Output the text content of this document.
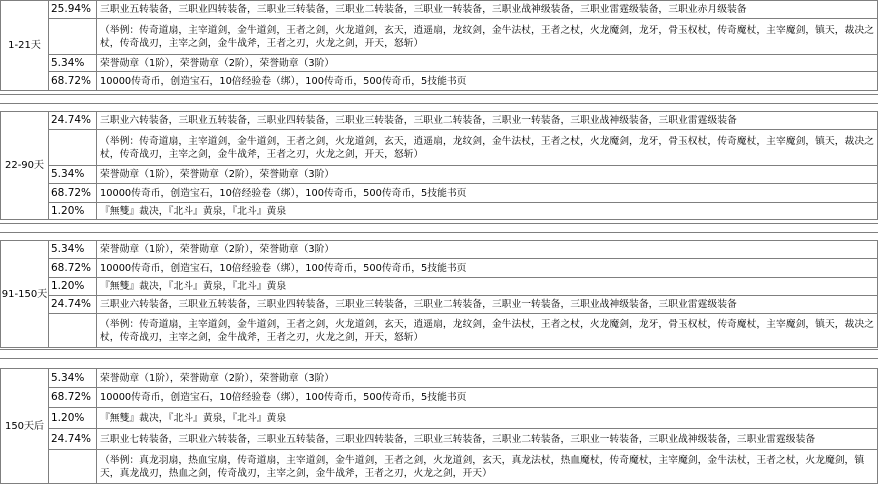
1-21天	25.94%	三职业五转装备，三职业四转装备，三职业三转装备，三职业二转装备，三职业一转装备，三职业战神级装备，三职业雷霆级装备，三职业赤月级装备
		（举例：传奇道扇，主宰道剑，金牛道剑，王者之剑，火龙道剑，玄天，逍遥扇，龙纹剑，金牛法杖，王者之杖，火龙魔剑，龙牙，骨玉权杖，传奇魔杖，主宰魔剑，镇天，裁决之杖，传奇战刃，主宰之剑，金牛战斧，王者之刃，火龙之剑，开天，怒斩）
	5.34%	荣誉勋章（1阶），荣誉勋章（2阶），荣誉勋章（3阶）
	68.72%	10000传奇币，创造宝石，10倍经验卷（绑），100传奇币，500传奇币，5技能书页
22-90天	24.74%	三职业六转装备，三职业五转装备，三职业四转装备，三职业三转装备，三职业二转装备，三职业一转装备，三职业战神级装备，三职业雷霆级装备
		（举例：传奇道扇，主宰道剑，金牛道剑，王者之剑，火龙道剑，玄天，逍遥扇，龙纹剑，金牛法杖，王者之杖，火龙魔剑，龙牙，骨玉权杖，传奇魔杖，主宰魔剑，镇天，裁决之杖，传奇战刃，主宰之剑，金牛战斧，王者之刃，火龙之剑，开天，怒斩）
	5.34%	荣誉勋章（1阶），荣誉勋章（2阶），荣誉勋章（3阶）
	68.72%	10000传奇币，创造宝石，10倍经验卷（绑），100传奇币，500传奇币，5技能书页
	1.20%	『無雙』裁决，『北斗』黄泉，『北斗』黄泉
91-150天	5.34%	荣誉勋章（1阶），荣誉勋章（2阶），荣誉勋章（3阶）
	68.72%	10000传奇币，创造宝石，10倍经验卷（绑），100传奇币，500传奇币，5技能书页
	1.20%	『無雙』裁决，『北斗』黄泉，『北斗』黄泉
	24.74%	三职业六转装备，三职业五转装备，三职业四转装备，三职业三转装备，三职业二转装备，三职业一转装备，三职业战神级装备，三职业雷霆级装备
		（举例：传奇道扇，主宰道剑，金牛道剑，王者之剑，火龙道剑，玄天，逍遥扇，龙纹剑，金牛法杖，王者之杖，火龙魔剑，龙牙，骨玉权杖，传奇魔杖，主宰魔剑，镇天，裁决之杖，传奇战刃，主宰之剑，金牛战斧，王者之刃，火龙之剑，开天，怒斩）
150天后	5.34%	荣誉勋章（1阶），荣誉勋章（2阶），荣誉勋章（3阶）
	68.72%	10000传奇币，创造宝石，10倍经验卷（绑），100传奇币，500传奇币，5技能书页
	1.20%	『無雙』裁决，『北斗』黄泉，『北斗』黄泉
	24.74%	三职业七转装备，三职业六转装备，三职业五转装备，三职业四转装备，三职业三转装备，三职业二转装备，三职业一转装备，三职业战神级装备，三职业雷霆级装备
		（举例：真龙羽扇，热血宝扇，传奇道扇，主宰道剑，金牛道剑，王者之剑，火龙道剑，玄天，真龙法杖，热血魔杖，传奇魔杖，主宰魔剑，金牛法杖，王者之杖，火龙魔剑，镇天，真龙战刃，热血之剑，传奇战刃，主宰之剑，金牛战斧，王者之刃，火龙之剑，开天）
